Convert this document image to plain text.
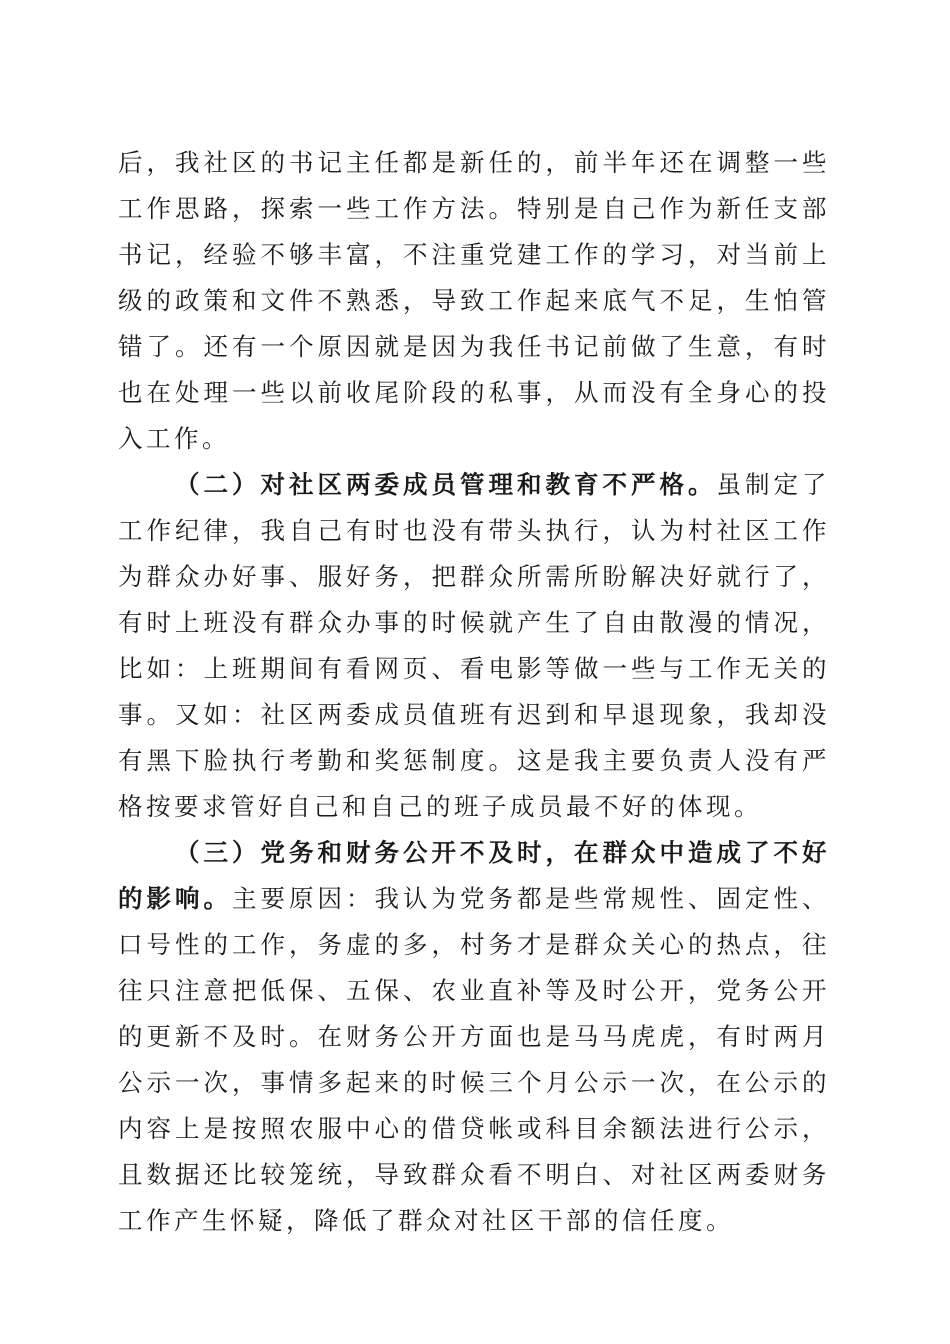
后，我社区的书记主任都是新任的，前半年还在调整一些工作思路，探索一些工作方法。特别是自己作为新任支部书记，经验不够丰富，不注重党建工作的学习，对当前上级的政策和文件不熟悉，导致工作起来底气不足，生怕管错了。还有一个原因就是因为我任书记前做了生意，有时也在处理一些以前收尾阶段的私事，从而没有全身心的投入工作。

（二）对社区两委成员管理和教育不严格。虽制定了工作纪律，我自己有时也没有带头执行，认为村社区工作为群众办好事、服好务，把群众所需所盼解决好就行了，有时上班没有群众办事的时候就产生了自由散漫的情况，比如：上班期间有看网页、看电影等做一些与工作无关的事。又如：社区两委成员值班有迟到和早退现象，我却没有黑下脸执行考勤和奖惩制度。这是我主要负责人没有严格按要求管好自己和自己的班子成员最不好的体现。

（三）党务和财务公开不及时，在群众中造成了不好的影响。主要原因：我认为党务都是些常规性、固定性、口号性的工作，务虚的多，村务才是群众关心的热点，往往只注意把低保、五保、农业直补等及时公开，党务公开的更新不及时。在财务公开方面也是马马虎虎，有时两月公示一次，事情多起来的时候三个月公示一次，在公示的内容上是按照农服中心的借贷帐或科目余额法进行公示，且数据还比较笼统，导致群众看不明白、对社区两委财务工作产生怀疑，降低了群众对社区干部的信任度。
